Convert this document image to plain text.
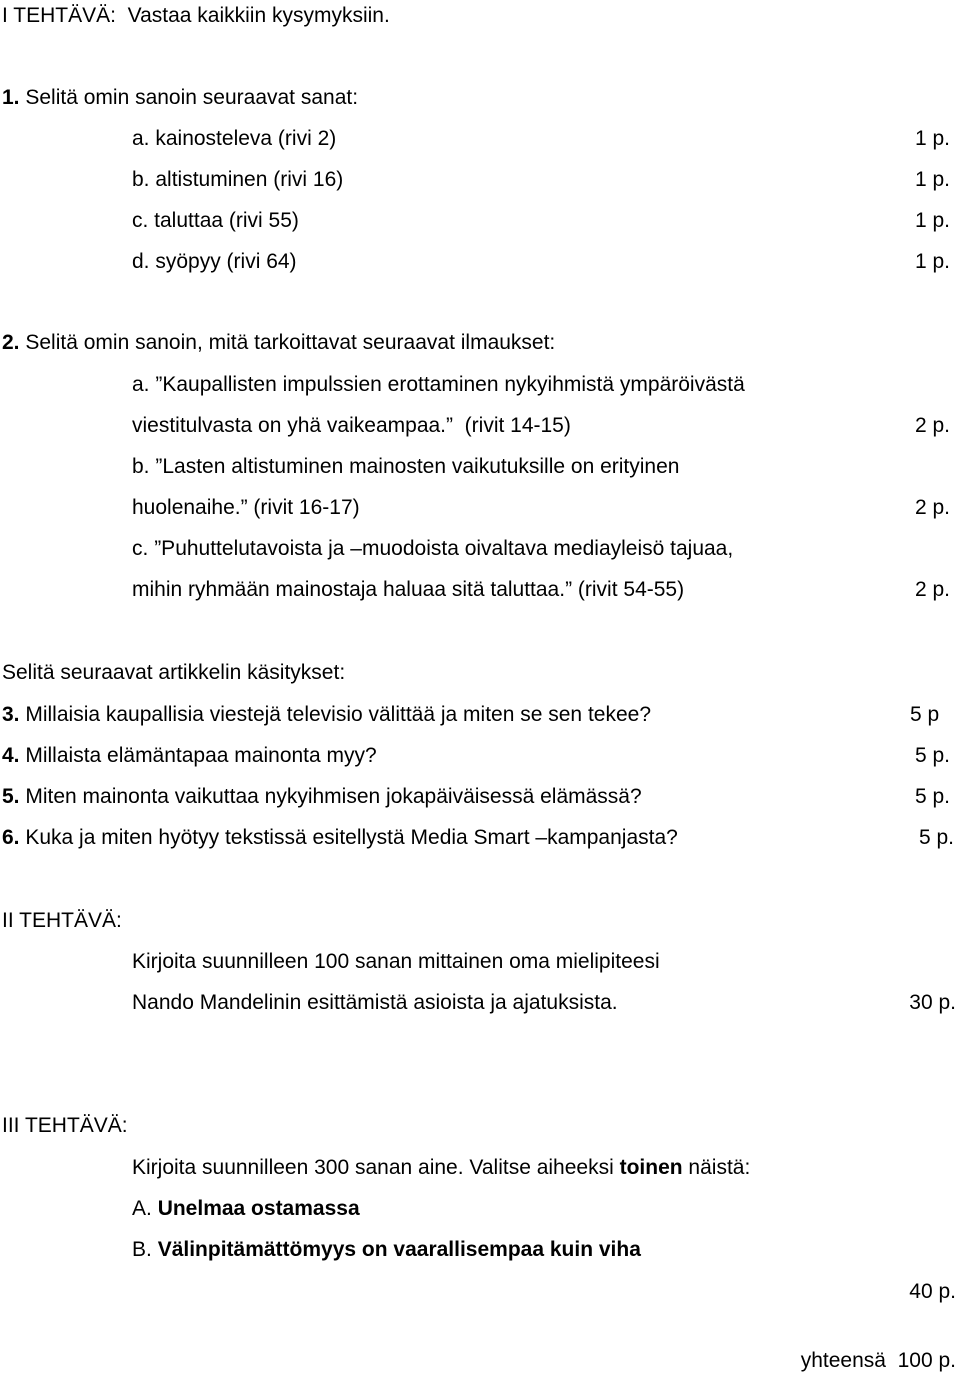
I TEHTÄVÄ:  Vastaa kaikkiin kysymyksiin.
1. Selitä omin sanoin seuraavat sanat:
a. kainosteleva (rivi 2)	1 p.
b. altistuminen (rivi 16)	1 p.
c. taluttaa (rivi 55)	1 p.
d. syöpyy (rivi 64)	1 p.
2. Selitä omin sanoin, mitä tarkoittavat seuraavat ilmaukset:
a. ”Kaupallisten impulssien erottaminen nykyihmistä ympäröivästä
viestitulvasta on yhä vaikeampaa.”  (rivit 14-15)	2 p.
b. ”Lasten altistuminen mainosten vaikutuksille on erityinen
huolenaihe.” (rivit 16-17)	2 p.
c. ”Puhuttelutavoista ja –muodoista oivaltava mediayleisö tajuaa,
mihin ryhmään mainostaja haluaa sitä taluttaa.” (rivit 54-55)	2 p.
Selitä seuraavat artikkelin käsitykset:
3. Millaisia kaupallisia viestejä televisio välittää ja miten se sen tekee?	5 p
4. Millaista elämäntapaa mainonta myy?	5 p.
5. Miten mainonta vaikuttaa nykyihmisen jokapäiväisessä elämässä?	5 p.
6. Kuka ja miten hyötyy tekstissä esitellystä Media Smart –kampanjasta?	5 p.
II TEHTÄVÄ:
Kirjoita suunnilleen 100 sanan mittainen oma mielipiteesi
Nando Mandelinin esittämistä asioista ja ajatuksista.	30 p.
III TEHTÄVÄ:
Kirjoita suunnilleen 300 sanan aine. Valitse aiheeksi toinen näistä:
A. Unelmaa ostamassa
B. Välinpitämättömyys on vaarallisempaa kuin viha
40 p.
yhteensä 100 p.
